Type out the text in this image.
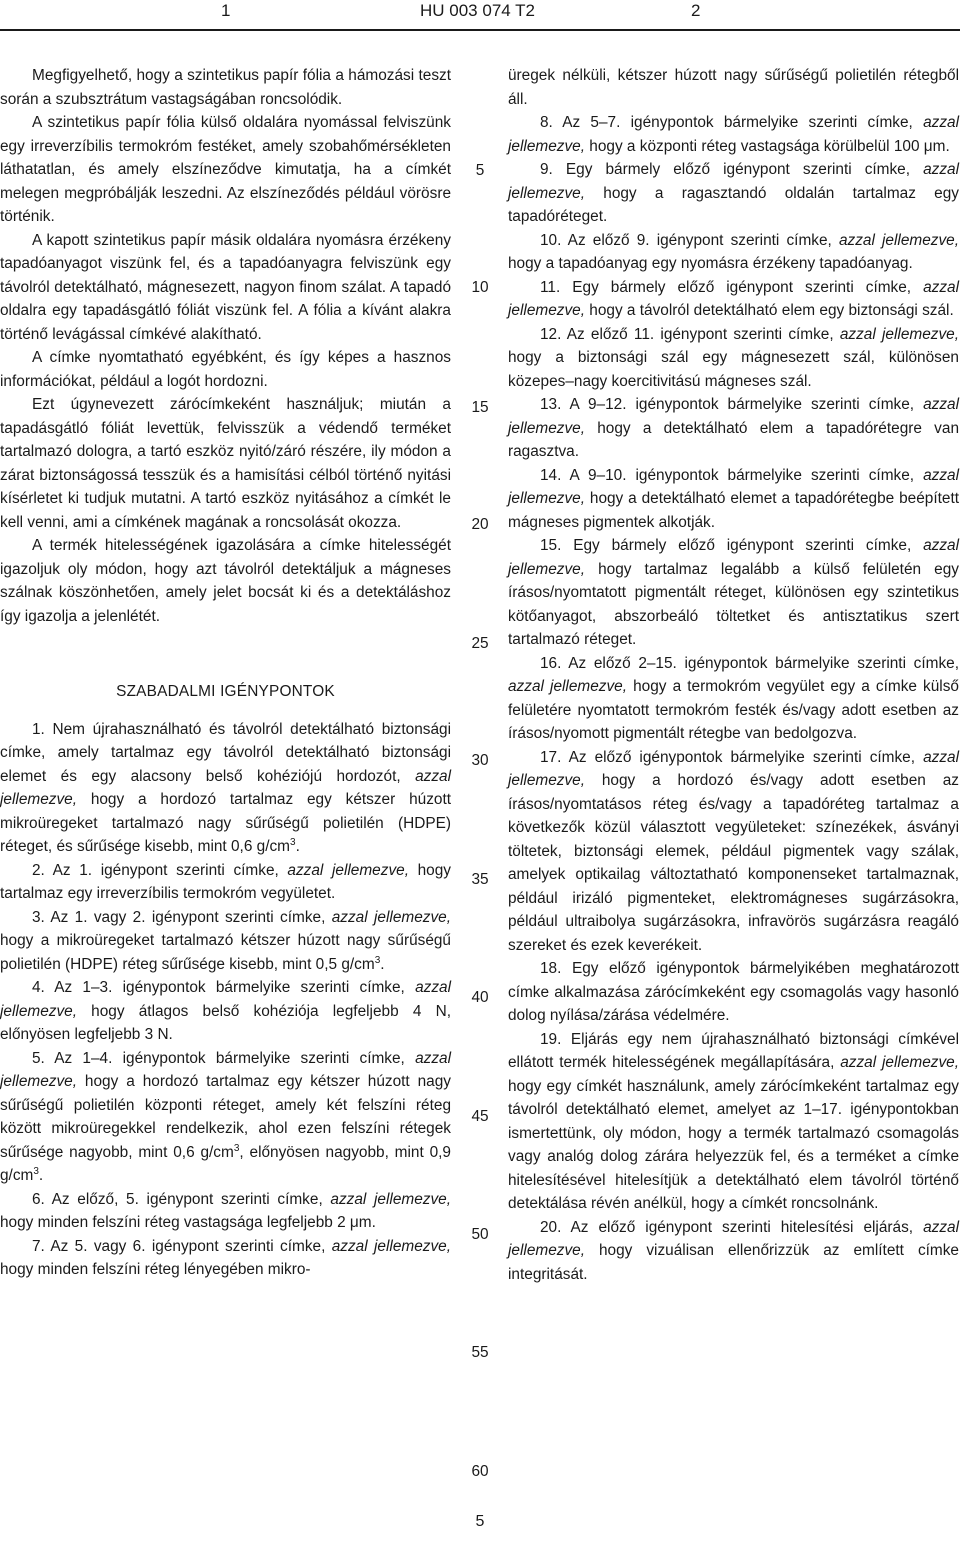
1	HU 003 074 T2	2

Megfigyelhető, hogy a szintetikus papír fólia a hámozási teszt során a szubsztrátum vastagságában roncsolódik.

A szintetikus papír fólia külső oldalára nyomással felviszünk egy irreverzíbilis termokróm festéket, amely szobahőmérsékleten láthatatlan, és amely elszíneződve kimutatja, ha a címkét melegen megpróbálják leszedni. Az elszíneződés például vörösre történik.

A kapott szintetikus papír másik oldalára nyomásra érzékeny tapadóanyagot viszünk fel, és a tapadóanyagra felviszünk egy távolról detektálható, mágnesezett, nagyon finom szálat. A tapadó oldalra egy tapadásgátló fóliát viszünk fel. A fólia a kívánt alakra történő levágással címkévé alakítható.

A címke nyomtatható egyébként, és így képes a hasznos információkat, például a logót hordozni.

Ezt úgynevezett zárócímkeként használjuk; miután a tapadásgátló fóliát levettük, felvisszük a védendő terméket tartalmazó dologra, a tartó eszköz nyitó/záró részére, ily módon a zárat biztonságossá tesszük és a hamisítási célból történő nyitási kísérletet ki tudjuk mutatni. A tartó eszköz nyitásához a címkét le kell venni, ami a címkének magának a roncsolását okozza.

A termék hitelességének igazolására a címke hitelességét igazoljuk oly módon, hogy azt távolról detektáljuk a mágneses szálnak köszönhetően, amely jelet bocsát ki és a detektáláshoz így igazolja a jelenlétét.

SZABADALMI IGÉNYPONTOK

1. Nem újrahasználható és távolról detektálható biztonsági címke, amely tartalmaz egy távolról detektálható biztonsági elemet és egy alacsony belső kohéziójú hordozót, azzal jellemezve, hogy a hordozó tartalmaz egy kétszer húzott mikroüregeket tartalmazó nagy sűrűségű polietilén (HDPE) réteget, és sűrűsége kisebb, mint 0,6 $g/cm^3$.

2. Az 1. igénypont szerinti címke, azzal jellemezve, hogy tartalmaz egy irreverzíbilis termokróm vegyületet.

3. Az 1. vagy 2. igénypont szerinti címke, azzal jellemezve, hogy a mikroüregeket tartalmazó kétszer húzott nagy sűrűségű polietilén (HDPE) réteg sűrűsége kisebb, mint 0,5 $g/cm^3$.

4. Az 1–3. igénypontok bármelyike szerinti címke, azzal jellemezve, hogy átlagos belső kohéziója legfeljebb 4 N, előnyösen legfeljebb 3 N.

5. Az 1–4. igénypontok bármelyike szerinti címke, azzal jellemezve, hogy a hordozó tartalmaz egy kétszer húzott nagy sűrűségű polietilén központi réteget, amely két felszíni réteg között mikroüregekkel rendelkezik, ahol ezen felszíni rétegek sűrűsége nagyobb, mint 0,6 $g/cm^3$, előnyösen nagyobb, mint 0,9 $g/cm^3$.

6. Az előző, 5. igénypont szerinti címke, azzal jellemezve, hogy minden felszíni réteg vastagsága legfeljebb 2 μm.

7. Az 5. vagy 6. igénypont szerinti címke, azzal jellemezve, hogy minden felszíni réteg lényegében mikro-

üregek nélküli, kétszer húzott nagy sűrűségű polietilén rétegből áll.

8. Az 5–7. igénypontok bármelyike szerinti címke, azzal jellemezve, hogy a központi réteg vastagsága körülbelül 100 μm.

9. Egy bármely előző igénypont szerinti címke, azzal jellemezve, hogy a ragasztandó oldalán tartalmaz egy tapadóréteget.

10. Az előző 9. igénypont szerinti címke, azzal jellemezve, hogy a tapadóanyag egy nyomásra érzékeny tapadóanyag.

11. Egy bármely előző igénypont szerinti címke, azzal jellemezve, hogy a távolról detektálható elem egy biztonsági szál.

12. Az előző 11. igénypont szerinti címke, azzal jellemezve, hogy a biztonsági szál egy mágnesezett szál, különösen közepes–nagy koercitivitású mágneses szál.

13. A 9–12. igénypontok bármelyike szerinti címke, azzal jellemezve, hogy a detektálható elem a tapadórétegre van ragasztva.

14. A 9–10. igénypontok bármelyike szerinti címke, azzal jellemezve, hogy a detektálható elemet a tapadórétegbe beépített mágneses pigmentek alkotják.

15. Egy bármely előző igénypont szerinti címke, azzal jellemezve, hogy tartalmaz legalább a külső felületén egy írásos/nyomtatott pigmentált réteget, különösen egy szintetikus kötőanyagot, abszorbeáló töltetket és antisztatikus szert tartalmazó réteget.

16. Az előző 2–15. igénypontok bármelyike szerinti címke, azzal jellemezve, hogy a termokróm vegyület egy a címke külső felületére nyomtatott termokróm festék és/vagy adott esetben az írásos/nyomott pigmentált rétegbe van bedolgozva.

17. Az előző igénypontok bármelyike szerinti címke, azzal jellemezve, hogy a hordozó és/vagy adott esetben az írásos/nyomtatásos réteg és/vagy a tapadóréteg tartalmaz a következők közül választott vegyületeket: színezékek, ásványi töltetek, biztonsági elemek, például pigmentek vagy szálak, amelyek optikailag változtatható komponenseket tartalmaznak, például irizáló pigmenteket, elektromágneses sugárzásokra, például ultraibolya sugárzásokra, infravörös sugárzásra reagáló szereket és ezek keverékeit.

18. Egy előző igénypontok bármelyikében meghatározott címke alkalmazása zárócímkeként egy csomagolás vagy hasonló dolog nyílása/zárása védelmére.

19. Eljárás egy nem újrahasználható biztonsági címkével ellátott termék hitelességének megállapítására, azzal jellemezve, hogy egy címkét használunk, amely zárócímkeként tartalmaz egy távolról detektálható elemet, amelyet az 1–17. igénypontokban ismertettünk, oly módon, hogy a termék tartalmazó csomagolás vagy analóg dolog zárára helyezzük fel, és a terméket a címke hitelesítésével hitelesítjük a detektálható elem távolról történő detektálása révén anélkül, hogy a címkét roncsolnánk.

20. Az előző igénypont szerinti hitelesítési eljárás, azzal jellemezve, hogy vizuálisan ellenőrizzük az említett címke integritását.

5
10
15
20
25
30
35
40
45
50
55
60
5
